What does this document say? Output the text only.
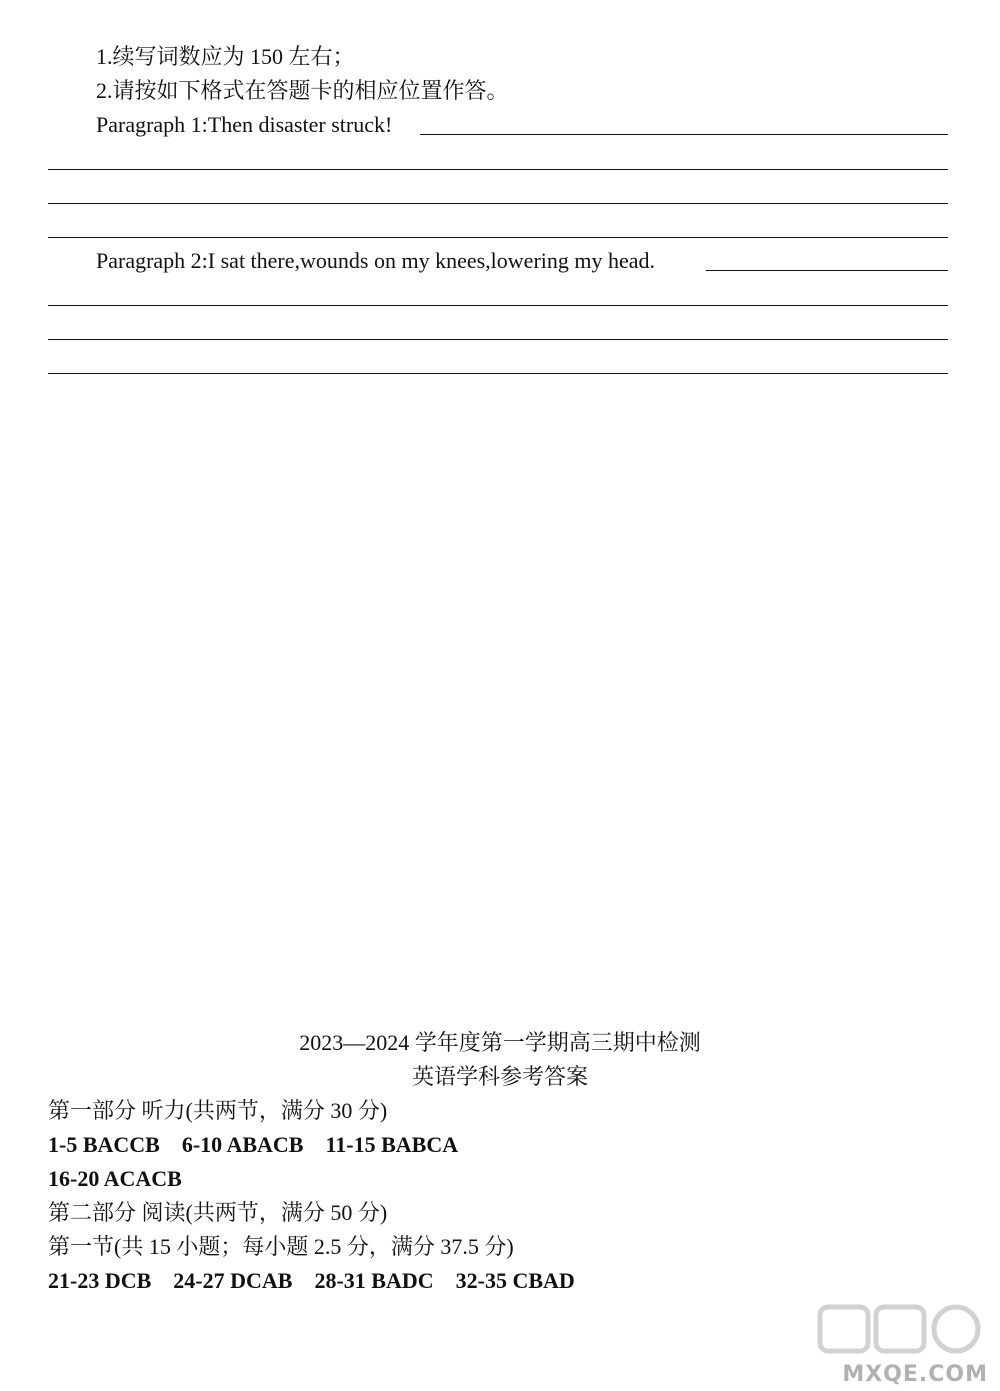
1.续写词数应为 150 左右；
2.请按如下格式在答题卡的相应位置作答。
Paragraph 1:Then disaster struck!
Paragraph 2:I sat there,wounds on my knees,lowering my head.
2023—2024 学年度第一学期高三期中检测
英语学科参考答案
第一部分 听力(共两节，满分 30 分)
1-5 BACCB 6-10 ABACB 11-15 BABCA
16-20 ACACB
第二部分 阅读(共两节，满分 50 分)
第一节(共 15 小题；每小题 2.5 分，满分 37.5 分)
21-23 DCB 24-27 DCAB 28-31 BADC 32-35 CBAD
MXQE.COM
